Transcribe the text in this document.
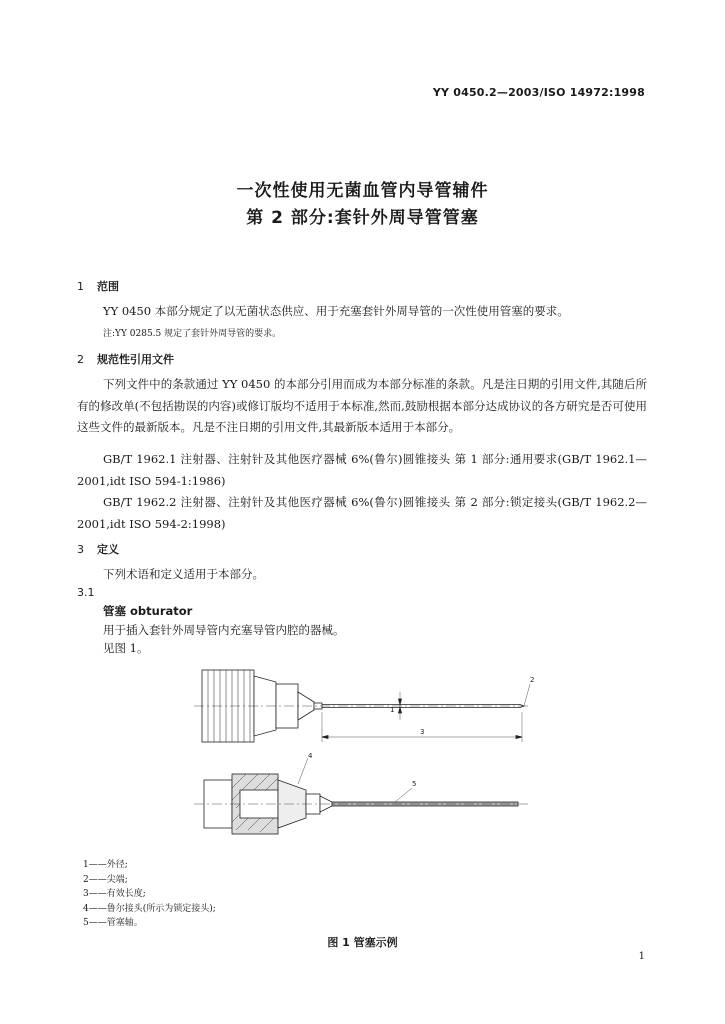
YY 0450.2—2003/ISO 14972:1998
一次性使用无菌血管内导管辅件
第 2 部分:套针外周导管管塞
1 范围
YY 0450 本部分规定了以无菌状态供应、用于充塞套针外周导管的一次性使用管塞的要求。
注:YY 0285.5 规定了套针外周导管的要求。
2 规范性引用文件
下列文件中的条款通过 YY 0450 的本部分引用而成为本部分标准的条款。凡是注日期的引用文件,其随后所有的修改单(不包括勘误的内容)或修订版均不适用于本标准,然而,鼓励根据本部分达成协议的各方研究是否可使用这些文件的最新版本。凡是不注日期的引用文件,其最新版本适用于本部分。
GB/T 1962.1 注射器、注射针及其他医疗器械 6%(鲁尔)圆锥接头 第 1 部分:通用要求(GB/T 1962.1—2001,idt ISO 594-1:1986)
GB/T 1962.2 注射器、注射针及其他医疗器械 6%(鲁尔)圆锥接头 第 2 部分:锁定接头(GB/T 1962.2—2001,idt ISO 594-2:1998)
3 定义
下列术语和定义适用于本部分。
3.1
管塞 obturator
用于插入套针外周导管内充塞导管内腔的器械。
见图 1。
1
2
3
4
5
1——外径;
2——尖端;
3——有效长度;
4——鲁尔接头(所示为锁定接头);
5——管塞轴。
图 1 管塞示例
1
